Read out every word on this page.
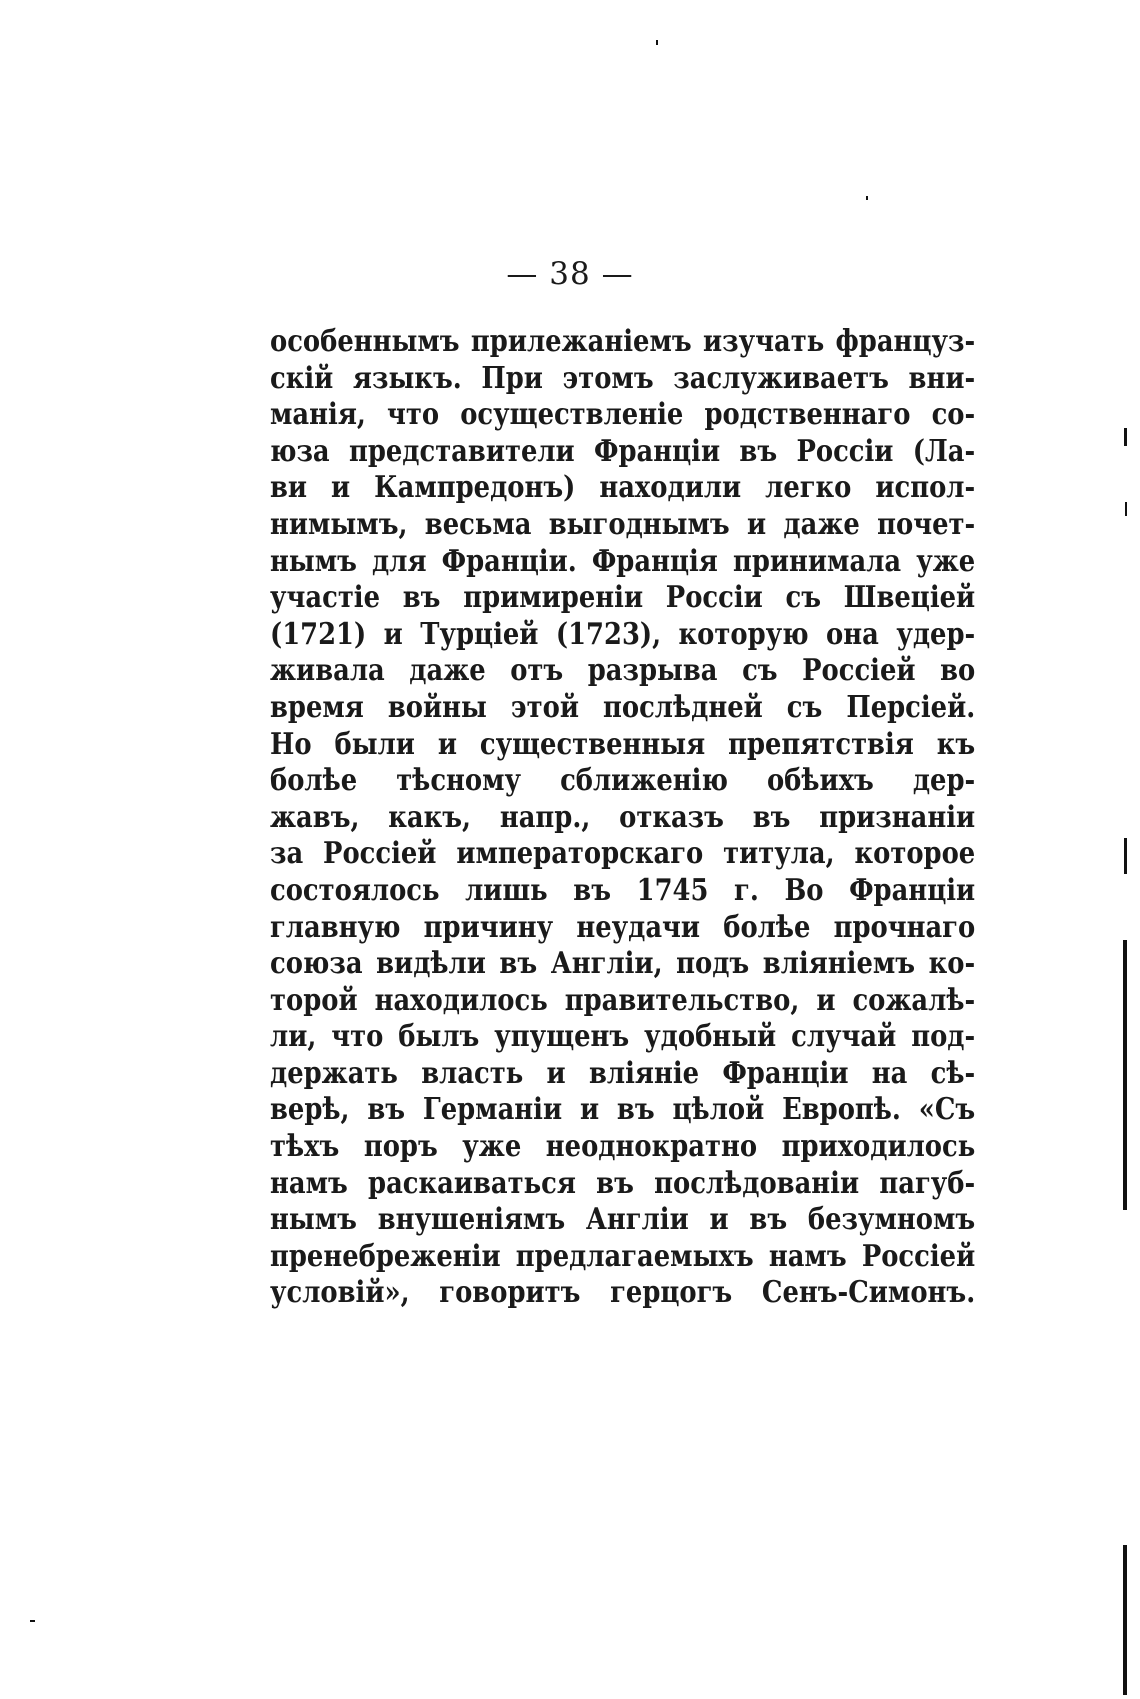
— 38 —
особеннымъ прилежаніемъ изучать француз-
скій языкъ. При этомъ заслуживаетъ вни-
манія, что осуществленіе родственнаго со-
юза представители Франціи въ Россіи (Ла-
ви и Кампредонъ) находили легко испол-
нимымъ, весьма выгоднымъ и даже почет-
нымъ для Франціи. Франція принимала уже
участіе въ примиреніи Россіи съ Швеціей
(1721) и Турціей (1723), которую она удер-
живала даже отъ разрыва съ Россіей во
время войны этой послѣдней съ Персіей.
Но были и существенныя препятствія къ
болѣе тѣсному сближенію обѣихъ дер-
жавъ, какъ, напр., отказъ въ признаніи
за Россіей императорскаго титула, которое
состоялось лишь въ 1745 г. Во Франціи
главную причину неудачи болѣе прочнаго
союза видѣли въ Англіи, подъ вліяніемъ ко-
торой находилось правительство, и сожалѣ-
ли, что былъ упущенъ удобный случай под-
держать власть и вліяніе Франціи на сѣ-
верѣ, въ Германіи и въ цѣлой Европѣ. «Съ
тѣхъ поръ уже неоднократно приходилось
намъ раскаиваться въ послѣдованіи пагуб-
нымъ внушеніямъ Англіи и въ безумномъ
пренебреженіи предлагаемыхъ намъ Россіей
условій», говоритъ герцогъ Сенъ-Симонъ.
